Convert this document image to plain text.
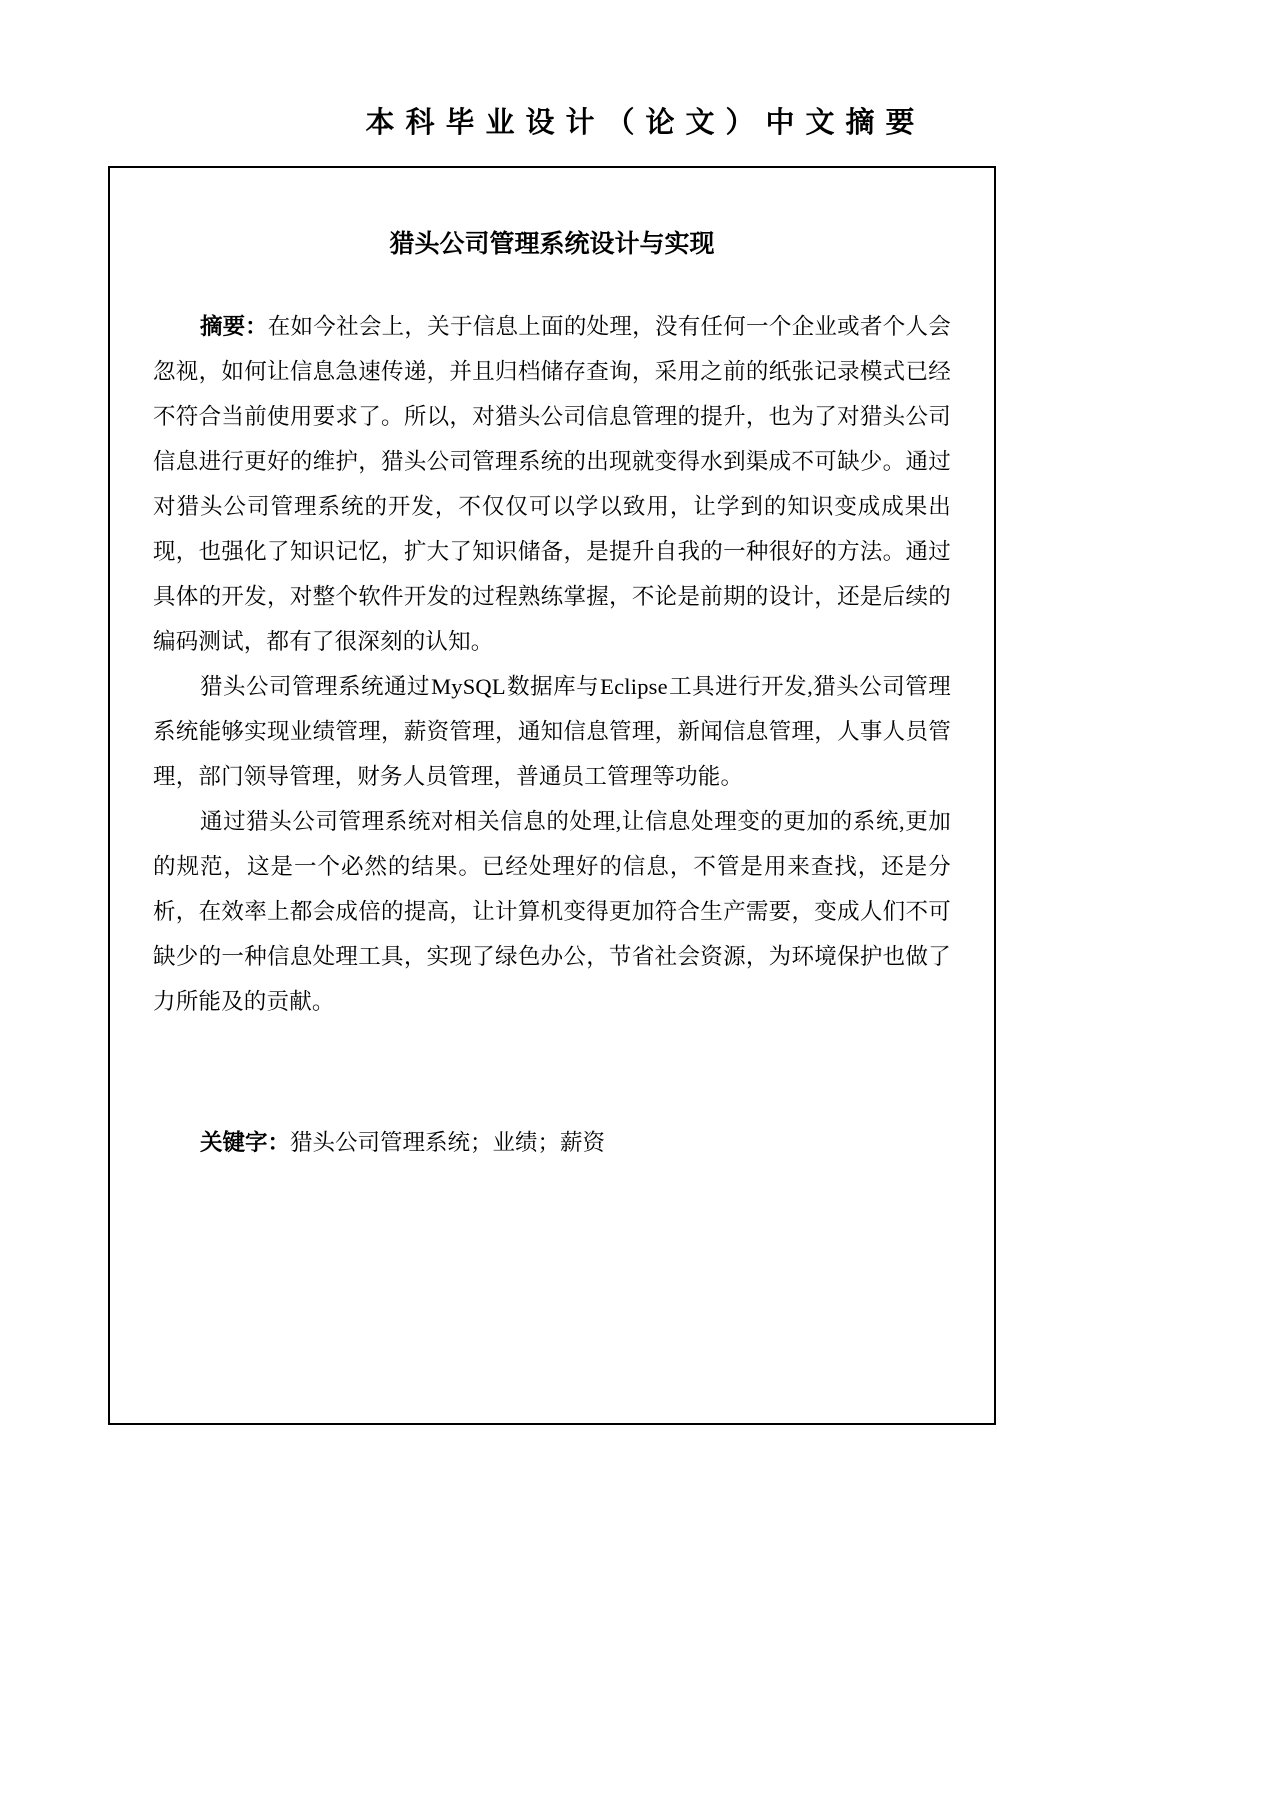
本科毕业设计（论文）中文摘要
猎头公司管理系统设计与实现

摘要：在如今社会上，关于信息上面的处理，没有任何一个企业或者个人会忽视，如何让信息急速传递，并且归档储存查询，采用之前的纸张记录模式已经不符合当前使用要求了。所以，对猎头公司信息管理的提升，也为了对猎头公司信息进行更好的维护，猎头公司管理系统的出现就变得水到渠成不可缺少。通过对猎头公司管理系统的开发，不仅仅可以学以致用，让学到的知识变成成果出现，也强化了知识记忆，扩大了知识储备，是提升自我的一种很好的方法。通过具体的开发，对整个软件开发的过程熟练掌握，不论是前期的设计，还是后续的编码测试，都有了很深刻的认知。

猎头公司管理系统通过MySQL数据库与Eclipse工具进行开发,猎头公司管理系统能够实现业绩管理，薪资管理，通知信息管理，新闻信息管理，人事人员管理，部门领导管理，财务人员管理，普通员工管理等功能。

通过猎头公司管理系统对相关信息的处理,让信息处理变的更加的系统,更加的规范，这是一个必然的结果。已经处理好的信息，不管是用来查找，还是分析，在效率上都会成倍的提高，让计算机变得更加符合生产需要，变成人们不可缺少的一种信息处理工具，实现了绿色办公，节省社会资源，为环境保护也做了力所能及的贡献。

关键字：猎头公司管理系统；业绩；薪资
